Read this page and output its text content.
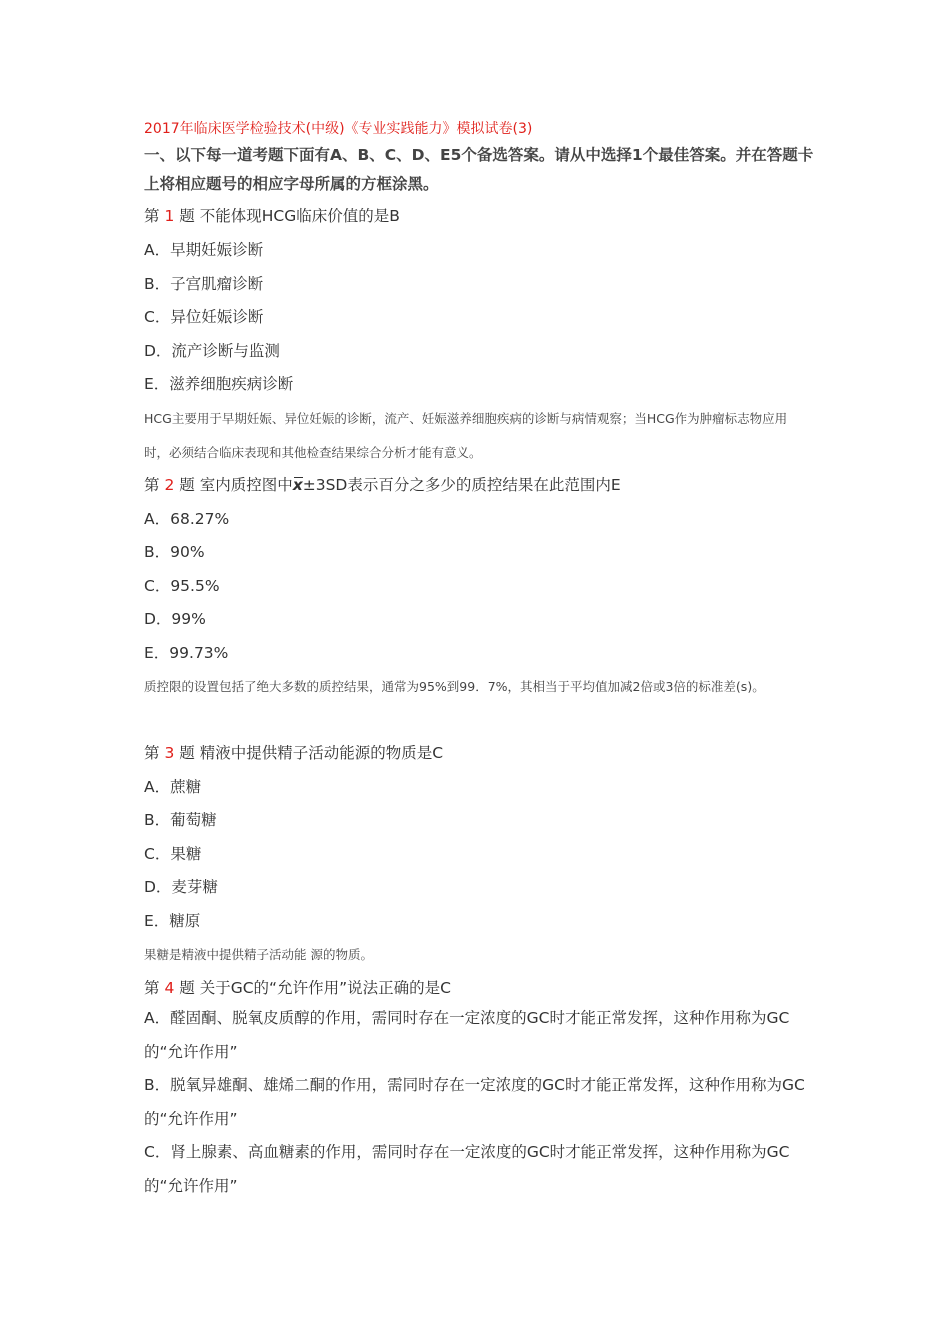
2017年临床医学检验技术(中级)《专业实践能力》模拟试卷(3)
一、以下每一道考题下面有A、B、C、D、E5个备选答案。请从中选择1个最佳答案。并在答题卡上将相应题号的相应字母所属的方框涂黑。
第 1 题 不能体现HCG临床价值的是B
A．早期妊娠诊断
B．子宫肌瘤诊断
C．异位妊娠诊断
D．流产诊断与监测
E．滋养细胞疾病诊断
HCG主要用于早期妊娠、异位妊娠的诊断，流产、妊娠滋养细胞疾病的诊断与病情观察；当HCG作为肿瘤标志物应用时，必须结合临床表现和其他检查结果综合分析才能有意义。
第 2 题 室内质控图中x±3SD表示百分之多少的质控结果在此范围内E
A．68.27%
B．90%
C．95.5%
D．99%
E．99.73%
质控限的设置包括了绝大多数的质控结果，通常为95%到99．7%，其相当于平均值加减2倍或3倍的标准差(s)。
第 3 题 精液中提供精子活动能源的物质是C
A．蔗糖
B．葡萄糖
C．果糖
D．麦芽糖
E．糖原
果糖是精液中提供精子活动能 源的物质。
第 4 题 关于GC的“允许作用”说法正确的是C
A．醛固酮、脱氧皮质醇的作用，需同时存在一定浓度的GC时才能正常发挥，这种作用称为GC的“允许作用”
B．脱氧异雄酮、雄烯二酮的作用，需同时存在一定浓度的GC时才能正常发挥，这种作用称为GC的“允许作用”
C．肾上腺素、高血糖素的作用，需同时存在一定浓度的GC时才能正常发挥，这种作用称为GC的“允许作用”
